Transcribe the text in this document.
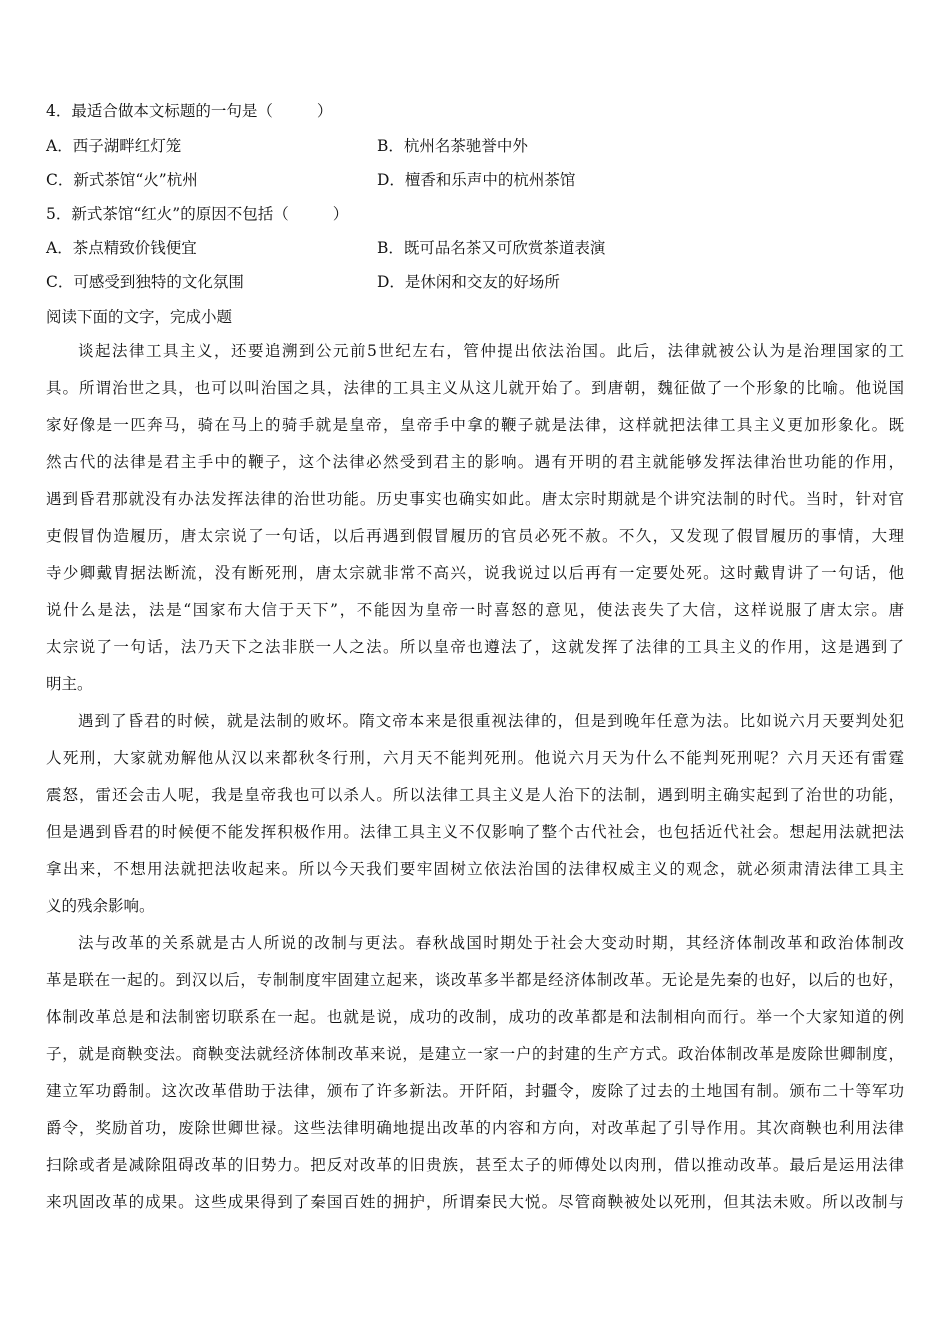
4．最适合做本文标题的一句是（	）
A．西子湖畔红灯笼	B．杭州名茶驰誉中外
C．新式茶馆“火”杭州	D．檀香和乐声中的杭州茶馆
5．新式茶馆“红火”的原因不包括（	）
A．茶点精致价钱便宜	B．既可品名茶又可欣赏茶道表演
C．可感受到独特的文化氛围	D．是休闲和交友的好场所
阅读下面的文字，完成小题
谈起法律工具主义，还要追溯到公元前5世纪左右，管仲提出依法治国。此后，法律就被公认为是治理国家的工
具。所谓治世之具，也可以叫治国之具，法律的工具主义从这儿就开始了。到唐朝，魏征做了一个形象的比喻。他说国
家好像是一匹奔马，骑在马上的骑手就是皇帝，皇帝手中拿的鞭子就是法律，这样就把法律工具主义更加形象化。既
然古代的法律是君主手中的鞭子，这个法律必然受到君主的影响。遇有开明的君主就能够发挥法律治世功能的作用，
遇到昏君那就没有办法发挥法律的治世功能。历史事实也确实如此。唐太宗时期就是个讲究法制的时代。当时，针对官
吏假冒伪造履历，唐太宗说了一句话，以后再遇到假冒履历的官员必死不赦。不久，又发现了假冒履历的事情，大理
寺少卿戴胄据法断流，没有断死刑，唐太宗就非常不高兴，说我说过以后再有一定要处死。这时戴胄讲了一句话，他
说什么是法，法是“国家布大信于天下”，不能因为皇帝一时喜怒的意见，使法丧失了大信，这样说服了唐太宗。唐
太宗说了一句话，法乃天下之法非朕一人之法。所以皇帝也遵法了，这就发挥了法律的工具主义的作用，这是遇到了
明主。
遇到了昏君的时候，就是法制的败坏。隋文帝本来是很重视法律的，但是到晚年任意为法。比如说六月天要判处犯
人死刑，大家就劝解他从汉以来都秋冬行刑，六月天不能判死刑。他说六月天为什么不能判死刑呢？六月天还有雷霆
震怒，雷还会击人呢，我是皇帝我也可以杀人。所以法律工具主义是人治下的法制，遇到明主确实起到了治世的功能，
但是遇到昏君的时候便不能发挥积极作用。法律工具主义不仅影响了整个古代社会，也包括近代社会。想起用法就把法
拿出来，不想用法就把法收起来。所以今天我们要牢固树立依法治国的法律权威主义的观念，就必须肃清法律工具主
义的残余影响。
法与改革的关系就是古人所说的改制与更法。春秋战国时期处于社会大变动时期，其经济体制改革和政治体制改
革是联在一起的。到汉以后，专制制度牢固建立起来，谈改革多半都是经济体制改革。无论是先秦的也好，以后的也好，
体制改革总是和法制密切联系在一起。也就是说，成功的改制，成功的改革都是和法制相向而行。举一个大家知道的例
子，就是商鞅变法。商鞅变法就经济体制改革来说，是建立一家一户的封建的生产方式。政治体制改革是废除世卿制度，
建立军功爵制。这次改革借助于法律，颁布了许多新法。开阡陌，封疆令，废除了过去的土地国有制。颁布二十等军功
爵令，奖励首功，废除世卿世禄。这些法律明确地提出改革的内容和方向，对改革起了引导作用。其次商鞅也利用法律
扫除或者是减除阻碍改革的旧势力。把反对改革的旧贵族，甚至太子的师傅处以肉刑，借以推动改革。最后是运用法律
来巩固改革的成果。这些成果得到了秦国百姓的拥护，所谓秦民大悦。尽管商鞅被处以死刑，但其法未败。所以改制与
